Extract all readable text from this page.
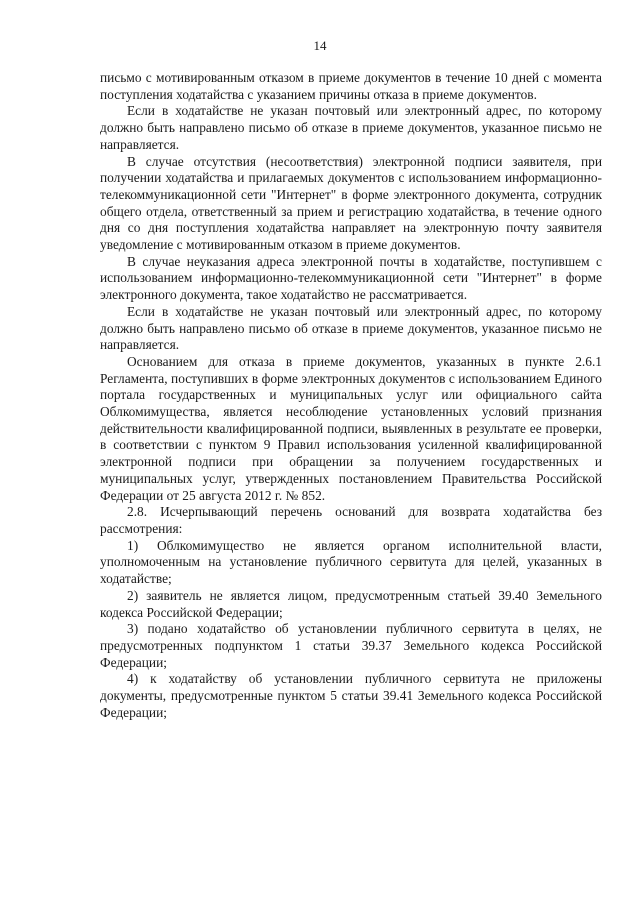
14

письмо с мотивированным отказом в приеме документов в течение 10 дней с момента поступления ходатайства с указанием причины отказа в приеме документов.

Если в ходатайстве не указан почтовый или электронный адрес, по которому должно быть направлено письмо об отказе в приеме документов, указанное письмо не направляется.

В случае отсутствия (несоответствия) электронной подписи заявителя, при получении ходатайства и прилагаемых документов с использованием информационно-телекоммуникационной сети "Интернет" в форме электронного документа, сотрудник общего отдела, ответственный за прием и регистрацию ходатайства, в течение одного дня со дня поступления ходатайства направляет на электронную почту заявителя уведомление с мотивированным отказом в приеме документов.

В случае неуказания адреса электронной почты в ходатайстве, поступившем с использованием информационно-телекоммуникационной сети "Интернет" в форме электронного документа, такое ходатайство не рассматривается.

Если в ходатайстве не указан почтовый или электронный адрес, по которому должно быть направлено письмо об отказе в приеме документов, указанное письмо не направляется.

Основанием для отказа в приеме документов, указанных в пункте 2.6.1 Регламента, поступивших в форме электронных документов с использованием Единого портала государственных и муниципальных услуг или официального сайта Облкомимущества, является несоблюдение установленных условий признания действительности квалифицированной подписи, выявленных в результате ее проверки, в соответствии с пунктом 9 Правил использования усиленной квалифицированной электронной подписи при обращении за получением государственных и муниципальных услуг, утвержденных постановлением Правительства Российской Федерации от 25 августа 2012 г. № 852.

2.8. Исчерпывающий перечень оснований для возврата ходатайства без рассмотрения:

1) Облкомимущество не является органом исполнительной власти, уполномоченным на установление публичного сервитута для целей, указанных в ходатайстве;

2) заявитель не является лицом, предусмотренным статьей 39.40 Земельного кодекса Российской Федерации;

3) подано ходатайство об установлении публичного сервитута в целях, не предусмотренных подпунктом 1 статьи 39.37 Земельного кодекса Российской Федерации;

4) к ходатайству об установлении публичного сервитута не приложены документы, предусмотренные пунктом 5 статьи 39.41 Земельного кодекса Российской Федерации;
